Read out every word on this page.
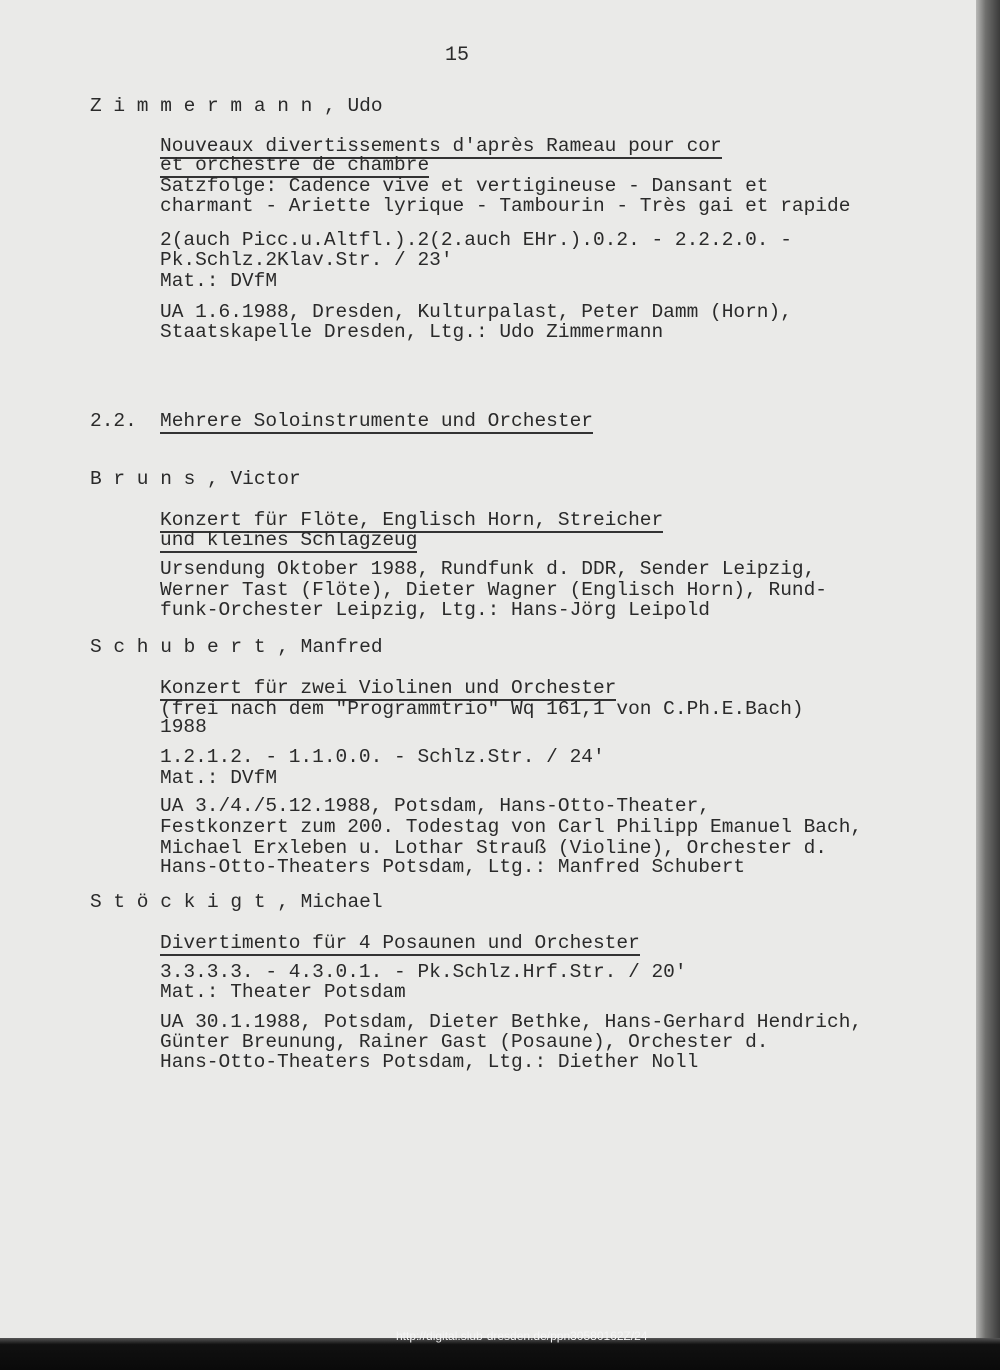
15
Z i m m e r m a n n , Udo
Nouveaux divertissements d'après Rameau pour cor
et orchestre de chambre
Satzfolge: Cadence vive et vertigineuse - Dansant et
charmant - Ariette lyrique - Tambourin - Très gai et rapide
2(auch Picc.u.Altfl.).2(2.auch EHr.).0.2. - 2.2.2.0. -
Pk.Schlz.2Klav.Str. / 23'
Mat.: DVfM
UA 1.6.1988, Dresden, Kulturpalast, Peter Damm (Horn),
Staatskapelle Dresden, Ltg.: Udo Zimmermann
2.2. Mehrere Soloinstrumente und Orchester
B r u n s , Victor
Konzert für Flöte, Englisch Horn, Streicher
und kleines Schlagzeug
Ursendung Oktober 1988, Rundfunk d. DDR, Sender Leipzig,
Werner Tast (Flöte), Dieter Wagner (Englisch Horn), Rund-
funk-Orchester Leipzig, Ltg.: Hans-Jörg Leipold
S c h u b e r t , Manfred
Konzert für zwei Violinen und Orchester
(frei nach dem "Programmtrio" Wq 161,1 von C.Ph.E.Bach)
1988
1.2.1.2. - 1.1.0.0. - Schlz.Str. / 24'
Mat.: DVfM
UA 3./4./5.12.1988, Potsdam, Hans-Otto-Theater,
Festkonzert zum 200. Todestag von Carl Philipp Emanuel Bach,
Michael Erxleben u. Lothar Strauß (Violine), Orchester d.
Hans-Otto-Theaters Potsdam, Ltg.: Manfred Schubert
S t ö c k i g t , Michael
Divertimento für 4 Posaunen und Orchester
3.3.3.3. - 4.3.0.1. - Pk.Schlz.Hrf.Str. / 20'
Mat.: Theater Potsdam
UA 30.1.1988, Potsdam, Dieter Bethke, Hans-Gerhard Hendrich,
Günter Breunung, Rainer Gast (Posaune), Orchester d.
Hans-Otto-Theaters Potsdam, Ltg.: Diether Noll
http://digital.slub-dresden.de/ppn30580162Z/24
